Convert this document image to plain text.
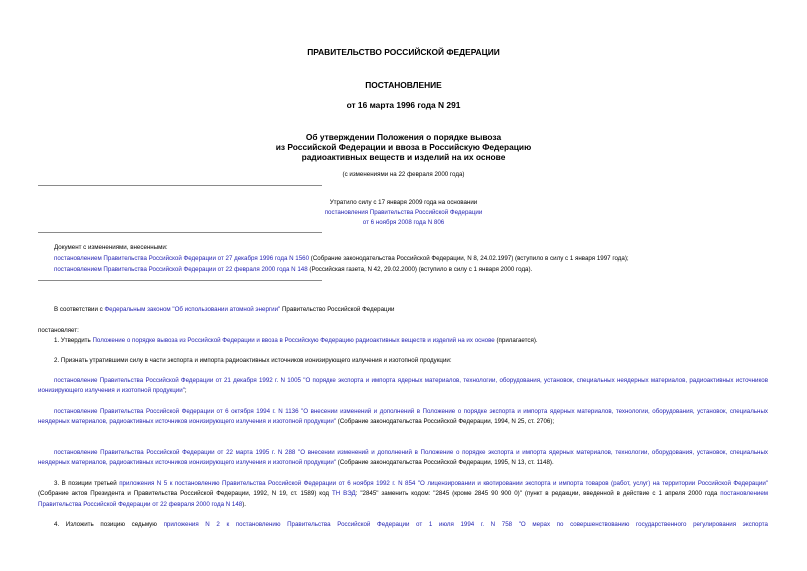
ПРАВИТЕЛЬСТВО РОССИЙСКОЙ ФЕДЕРАЦИИ
ПОСТАНОВЛЕНИЕ
от 16 марта 1996 года N 291
Об утверждении Положения о порядке вывоза
из Российской Федерации и ввоза в Российскую Федерацию
радиоактивных веществ и изделий на их основе
(с изменениями на 22 февраля 2000 года)
Утратило силу с 17 января 2009 года на основании
постановления Правительства Российской Федерации
от 6 ноября 2008 года N 806
Документ с изменениями, внесенными:
постановлением Правительства Российской Федерации от 27 декабря 1996 года N 1560 (Собрание законодательства Российской Федерации, N 8, 24.02.1997) (вступило в силу с 1 января 1997 года);
постановлением Правительства Российской Федерации от 22 февраля 2000 года N 148 (Российская газета, N 42, 29.02.2000) (вступило в силу с 1 января 2000 года).
В соответствии с Федеральным законом "Об использовании атомной энергии" Правительство Российской Федерации
постановляет:
1. Утвердить Положение о порядке вывоза из Российской Федерации и ввоза в Российскую Федерацию радиоактивных веществ и изделий на их основе (прилагается).
2. Признать утратившими силу в части экспорта и импорта радиоактивных источников ионизирующего излучения и изотопной продукции:
постановление Правительства Российской Федерации от 21 декабря 1992 г. N 1005 "О порядке экспорта и импорта ядерных материалов, технологии, оборудования, установок, специальных неядерных материалов, радиоактивных источников ионизирующего излучения и изотопной продукции";
постановление Правительства Российской Федерации от 6 октября 1994 г. N 1136 "О внесении изменений и дополнений в Положение о порядке экспорта и импорта ядерных материалов, технологии, оборудования, установок, специальных неядерных материалов, радиоактивных источников ионизирующего излучения и изотопной продукции" (Собрание законодательства Российской Федерации, 1994, N 25, ст. 2706);
постановление Правительства Российской Федерации от 22 марта 1995 г. N 288 "О внесении изменений и дополнений в Положение о порядке экспорта и импорта ядерных материалов, технологии, оборудования, установок, специальных неядерных материалов, радиоактивных источников ионизирующего излучения и изотопной продукции" (Собрание законодательства Российской Федерации, 1995, N 13, ст. 1148).
3. В позиции третьей приложения N 5 к постановлению Правительства Российской Федерации от 6 ноября 1992 г. N 854 "О лицензировании и квотировании экспорта и импорта товаров (работ, услуг) на территории Российской Федерации" (Собрание актов Президента и Правительства Российской Федерации, 1992, N 19, ст. 1589) код ТН ВЭД: "2845" заменить кодом: "2845 (кроме 2845 90 900 0)" (пункт в редакции, введенной в действие с 1 апреля 2000 года постановлением Правительства Российской Федерации от 22 февраля 2000 года N 148).
4. Изложить позицию седьмую приложения N 2 к постановлению Правительства Российской Федерации от 1 июля 1994 г. N 758 "О мерах по совершенствованию государственного регулирования экспорта
